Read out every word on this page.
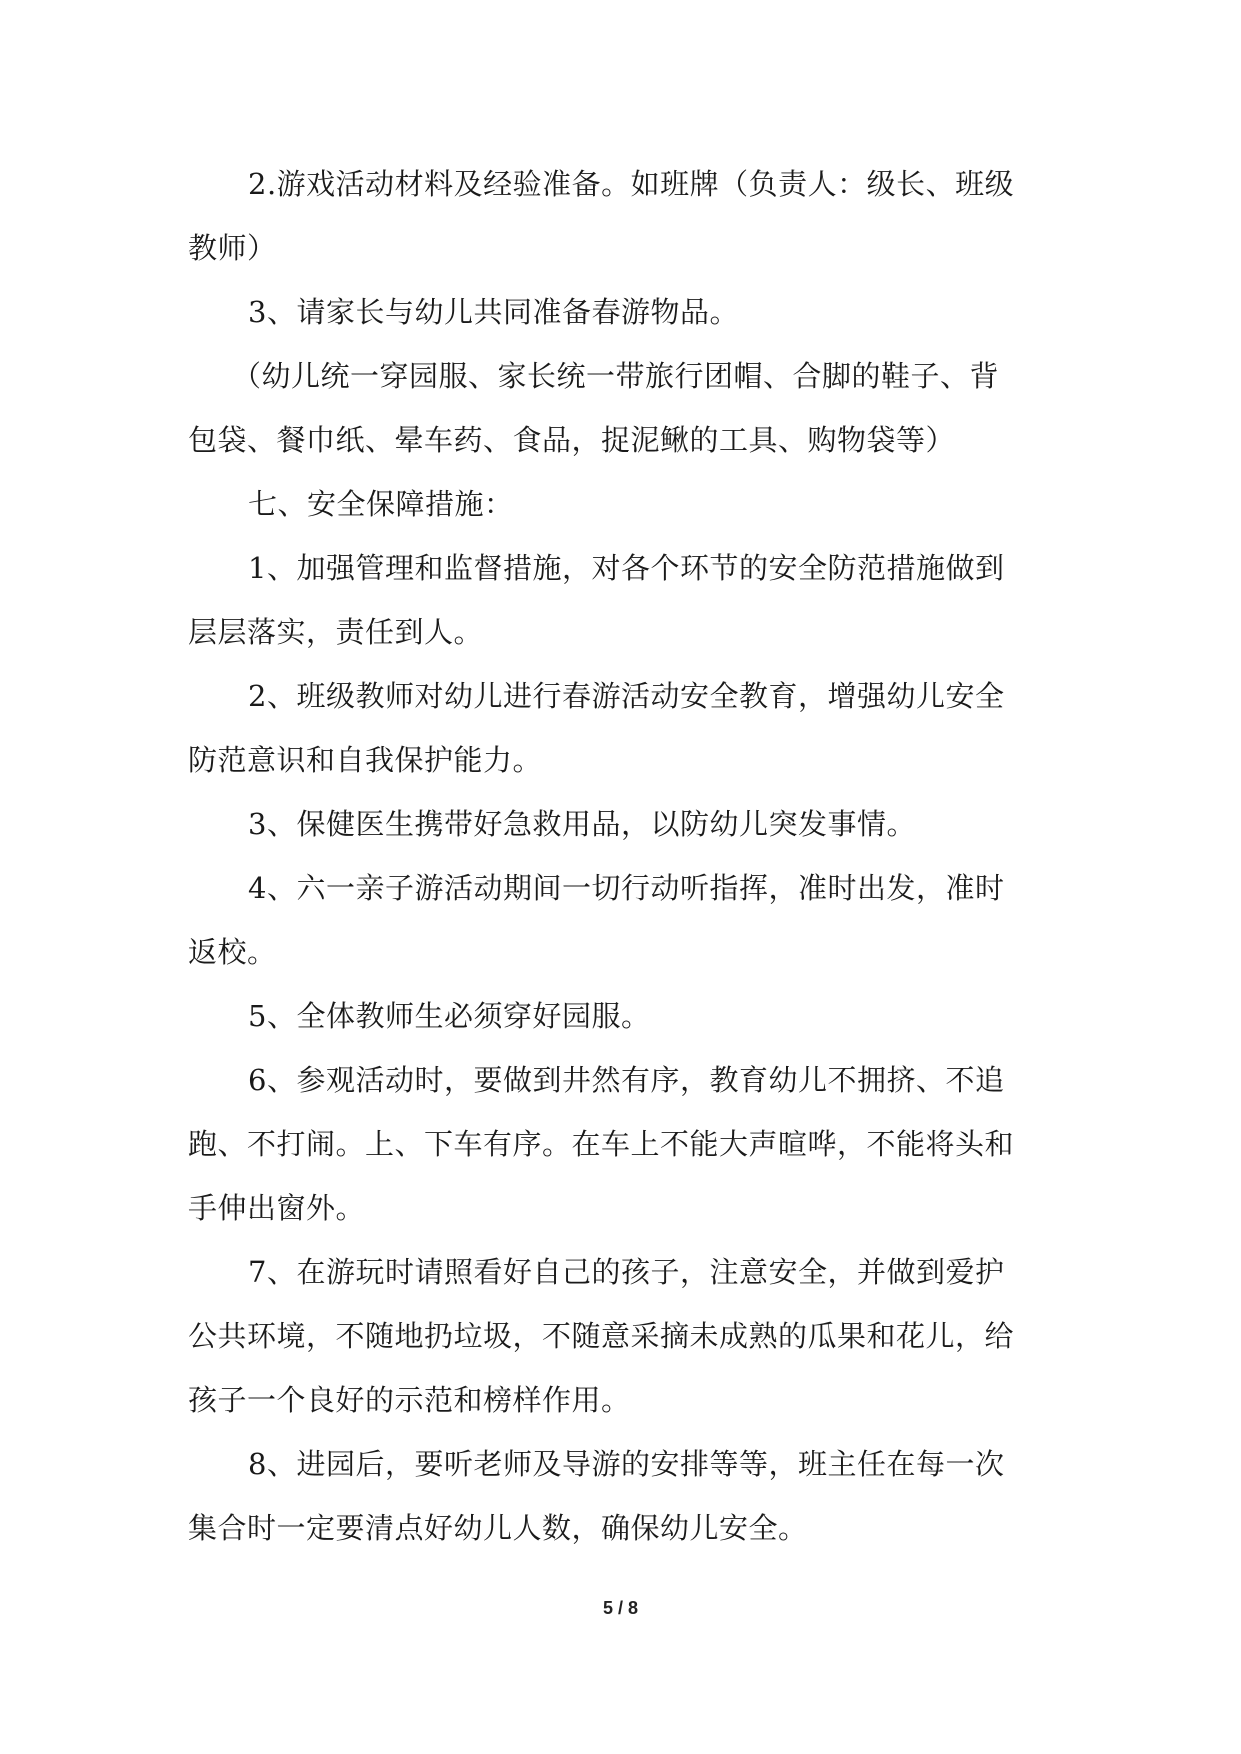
2.游戏活动材料及经验准备。如班牌（负责人：级长、班级

教师）

3、请家长与幼儿共同准备春游物品。

（幼儿统一穿园服、家长统一带旅行团帽、合脚的鞋子、背

包袋、餐巾纸、晕车药、食品，捉泥鳅的工具、购物袋等）

七、安全保障措施：

1、加强管理和监督措施，对各个环节的安全防范措施做到

层层落实，责任到人。

2、班级教师对幼儿进行春游活动安全教育，增强幼儿安全

防范意识和自我保护能力。

3、保健医生携带好急救用品，以防幼儿突发事情。

4、六一亲子游活动期间一切行动听指挥，准时出发，准时

返校。

5、全体教师生必须穿好园服。

6、参观活动时，要做到井然有序，教育幼儿不拥挤、不追

跑、不打闹。上、下车有序。在车上不能大声暄哗，不能将头和

手伸出窗外。

7、在游玩时请照看好自己的孩子，注意安全，并做到爱护

公共环境，不随地扔垃圾，不随意采摘未成熟的瓜果和花儿，给

孩子一个良好的示范和榜样作用。

8、进园后，要听老师及导游的安排等等，班主任在每一次

集合时一定要清点好幼儿人数，确保幼儿安全。

5 / 8
